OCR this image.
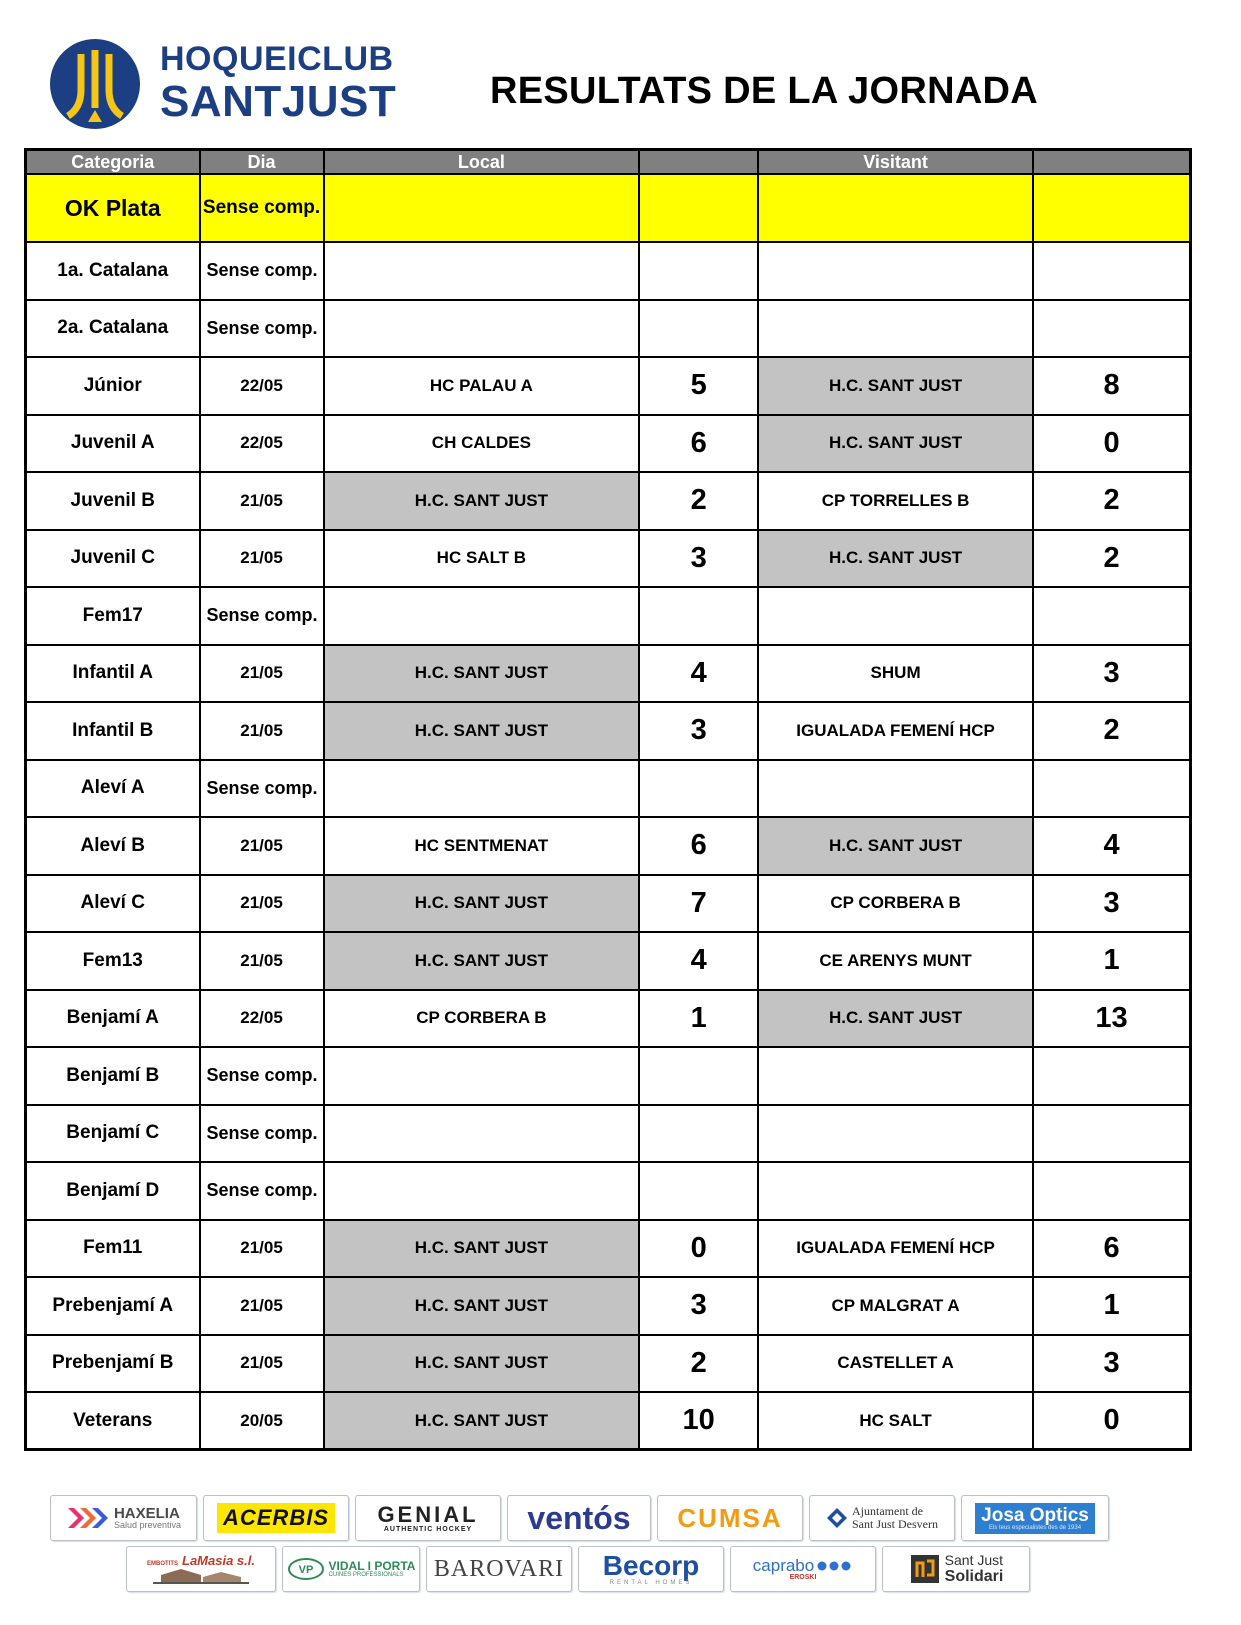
HOQUEICLUB
SANTJUST RESULTATS DE LA JORNADA
Categoria	Dia	Local		Visitant	
OK Plata	Sense comp.				
1a. Catalana	Sense comp.				
2a. Catalana	Sense comp.				
Júnior	22/05	HC PALAU A	5	H.C. SANT JUST	8
Juvenil A	22/05	CH CALDES	6	H.C. SANT JUST	0
Juvenil B	21/05	H.C. SANT JUST	2	CP TORRELLES B	2
Juvenil C	21/05	HC SALT B	3	H.C. SANT JUST	2
Fem17	Sense comp.				
Infantil A	21/05	H.C. SANT JUST	4	SHUM	3
Infantil B	21/05	H.C. SANT JUST	3	IGUALADA FEMENÍ HCP	2
Aleví A	Sense comp.				
Aleví B	21/05	HC SENTMENAT	6	H.C. SANT JUST	4
Aleví C	21/05	H.C. SANT JUST	7	CP CORBERA B	3
Fem13	21/05	H.C. SANT JUST	4	CE ARENYS MUNT	1
Benjamí A	22/05	CP CORBERA B	1	H.C. SANT JUST	13
Benjamí B	Sense comp.				
Benjamí C	Sense comp.				
Benjamí D	Sense comp.				
Fem11	21/05	H.C. SANT JUST	0	IGUALADA FEMENÍ HCP	6
Prebenjamí A	21/05	H.C. SANT JUST	3	CP MALGRAT A	1
Prebenjamí B	21/05	H.C. SANT JUST	2	CASTELLET A	3
Veterans	20/05	H.C. SANT JUST	10	HC SALT	0
HAXELIA
Salud preventiva ACERBIS GENIAL
AUTHENTIC HOCKEY ventós CUMSA	Ajuntament de
Sant Just Desvern Josa Optics
Els teus especialistes des de 1934
EMBOTITS LaMasia s.l.
VP VIDAL I PORTA
CUINES PROFESSIONALS	BAROVARI Becorp
RENTAL HOMES
caprabo
EROSKI
Sant Just
Solidari
